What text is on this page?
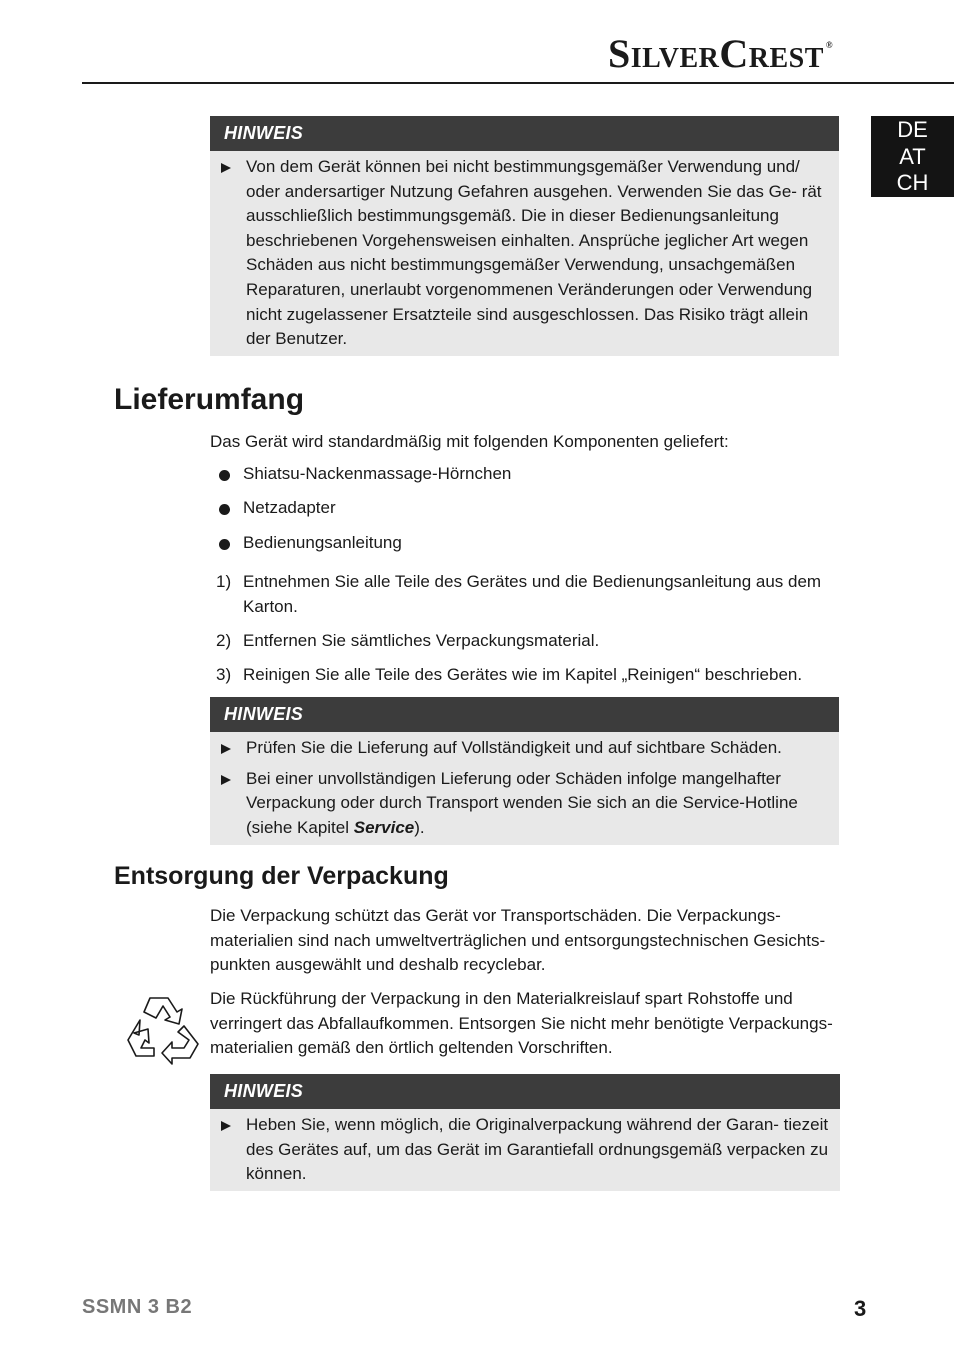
SILVERCREST ®
DE
AT
CH
HINWEIS
Von dem Gerät können bei nicht bestimmungsgemäßer Verwendung und/ oder andersartiger Nutzung Gefahren ausgehen. Verwenden Sie das Ge- rät ausschließlich bestimmungsgemäß. Die in dieser Bedienungsanleitung beschriebenen Vorgehensweisen einhalten. Ansprüche jeglicher Art wegen Schäden aus nicht bestimmungsgemäßer Verwendung, unsachgemäßen Reparaturen, unerlaubt vorgenommenen Veränderungen oder Verwendung nicht zugelassener Ersatzteile sind ausgeschlossen. Das Risiko trägt allein der Benutzer.
Lieferumfang
Das Gerät wird standardmäßig mit folgenden Komponenten geliefert:
Shiatsu-Nackenmassage-Hörnchen
Netzadapter
Bedienungsanleitung
1) Entnehmen Sie alle Teile des Gerätes und die Bedienungsanleitung aus dem Karton.
2) Entfernen Sie sämtliches Verpackungsmaterial.
3) Reinigen Sie alle Teile des Gerätes wie im Kapitel „Reinigen“ beschrieben.
HINWEIS
Prüfen Sie die Lieferung auf Vollständigkeit und auf sichtbare Schäden.
Bei einer unvollständigen Lieferung oder Schäden infolge mangelhafter Verpackung oder durch Transport wenden Sie sich an die Service-Hotline (siehe Kapitel Service).
Entsorgung der Verpackung
Die Verpackung schützt das Gerät vor Transportschäden. Die Verpackungs- materialien sind nach umweltverträglichen und entsorgungstechnischen Gesichts- punkten ausgewählt und deshalb recyclebar.
Die Rückführung der Verpackung in den Materialkreislauf spart Rohstoffe und verringert das Abfallaufkommen. Entsorgen Sie nicht mehr benötigte Verpackungs- materialien gemäß den örtlich geltenden Vorschriften.
HINWEIS
Heben Sie, wenn möglich, die Originalverpackung während der Garan- tiezeit des Gerätes auf, um das Gerät im Garantiefall ordnungsgemäß verpacken zu können.
SSMN 3 B2	3
